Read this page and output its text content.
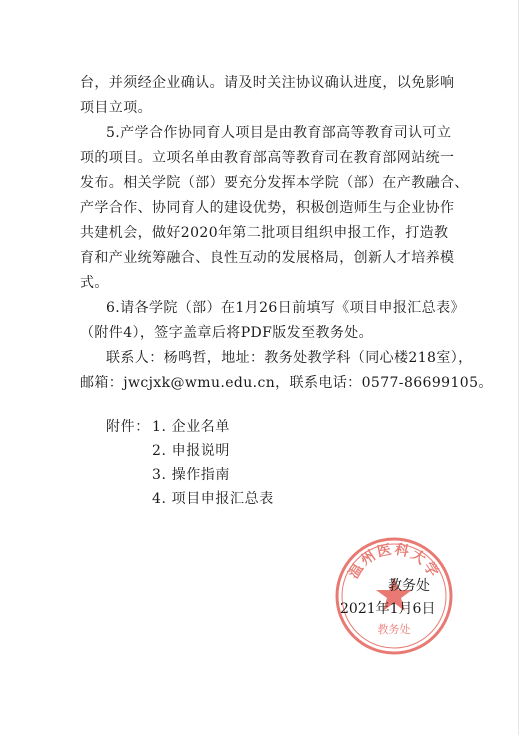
台，并须经企业确认。请及时关注协议确认进度，以免影响
项目立项。
5.产学合作协同育人项目是由教育部高等教育司认可立
项的项目。立项名单由教育部高等教育司在教育部网站统一
发布。相关学院（部）要充分发挥本学院（部）在产教融合、
产学合作、协同育人的建设优势，积极创造师生与企业协作
共建机会，做好2020年第二批项目组织申报工作，打造教
育和产业统筹融合、良性互动的发展格局，创新人才培养模
式。
6.请各学院（部）在1月26日前填写《项目申报汇总表》
（附件4），签字盖章后将PDF版发至教务处。
联系人：杨鸣哲，地址：教务处教学科（同心楼218室），
邮箱：jwcjxk@wmu.edu.cn，联系电话：0577-86699105。
附件： 1. 企业名单
2. 申报说明
3. 操作指南
4. 项目申报汇总表
温州医科大学
教务处
教务处
2021年1月6日
